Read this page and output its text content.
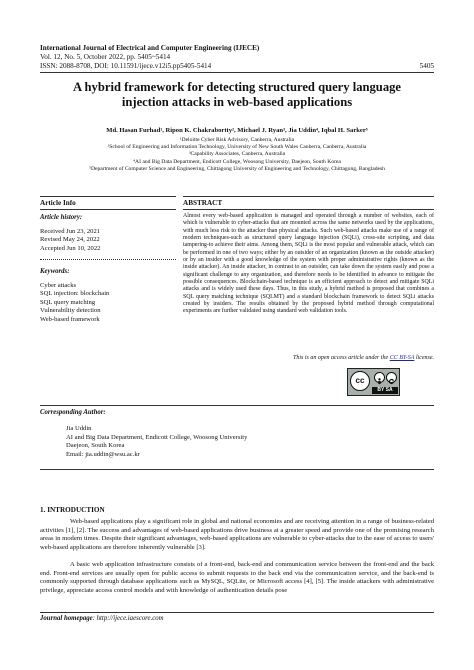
International Journal of Electrical and Computer Engineering (IJECE)
Vol. 12, No. 5, October 2022, pp. 5405~5414
ISSN: 2088-8708, DOI: 10.11591/ijece.v12i5.pp5405-5414	5405
A hybrid framework for detecting structured query language
injection attacks in web-based applications
Md. Hasan Furhad¹, Ripon K. Chakrabortty², Michael J. Ryan³, Jia Uddin⁴, Iqbal H. Sarker⁵
¹Deloitte Cyber Risk Advisory, Canberra, Australia
²School of Engineering and Information Technology, University of New South Wales Canberra, Canberra, Australia
³Capability Associates, Canberra, Australia
⁴AI and Big Data Department, Endicott College, Woosong University, Daejeon, South Korea
⁵Department of Computer Science and Engineering, Chittagong University of Engineering and Technology, Chittagong, Bangladesh
Article Info	ABSTRACT
Article history:
Received Jun 23, 2021
Revised May 24, 2022
Accepted Jun 10, 2022
Keywords:
Cyber attacks
SQL injection: blockchain
SQL query matching
Vulnerability detection
Web-based framework
Almost every web-based application is managed and operated through a number of websites, each of which is vulnerable to cyber-attacks that are mounted across the same networks used by the applications, with much less risk to the attacker than physical attacks. Such web-based attacks make use of a range of modern techniques-such as structured query language injection (SQLi), cross-site scripting, and data tampering-to achieve their aims. Among them, SQLi is the most popular and vulnerable attack, which can be performed in one of two ways; either by an outsider of an organization (known as the outside attacker) or by an insider with a good knowledge of the system with proper administrative rights (known as the inside attacker). An inside attacker, in contrast to an outsider, can take down the system easily and pose a significant challenge to any organization, and therefore needs to be identified in advance to mitigate the possible consequences. Blockchain-based technique is an efficient approach to detect and mitigate SQLi attacks and is widely used these days. Thus, in this study, a hybrid method is proposed that combines a SQL query matching technique (SQLMT) and a standard blockchain framework to detect SQLi attacks created by insiders. The results obtained by the proposed hybrid method through computational experiments are further validated using standard web validation tools.
This is an open access article under the CC BY-SA license.
cc
BY SA
Corresponding Author:
Jia Uddin
AI and Big Data Department, Endicott College, Woosong University
Daejeon, South Korea
Email: jia.uddin@wsu.ac.kr
1. INTRODUCTION
Web-based applications play a significant role in global and national economies and are receiving attention in a range of business-related activities [1], [2]. The success and advantages of web-based applications drive business at a greater speed and provide one of the promising research areas in modern times. Despite their significant advantages, web-based applications are vulnerable to cyber-attacks due to the ease of access to users' web-based applications are therefore inherently vulnerable [3].
A basic web application infrastructure consists of a front-end, back-end and communication service between the front-end and the back end. Front-end services are usually open for public access to submit requests to the back end via the communication service, and the back-end is commonly supported through database applications such as MySQL, SQLite, or Microsoft access [4], [5]. The inside attackers with administrative privilege, appreciate access control models and with knowledge of authentication details pose
Journal homepage: http://ijece.iaescore.com
